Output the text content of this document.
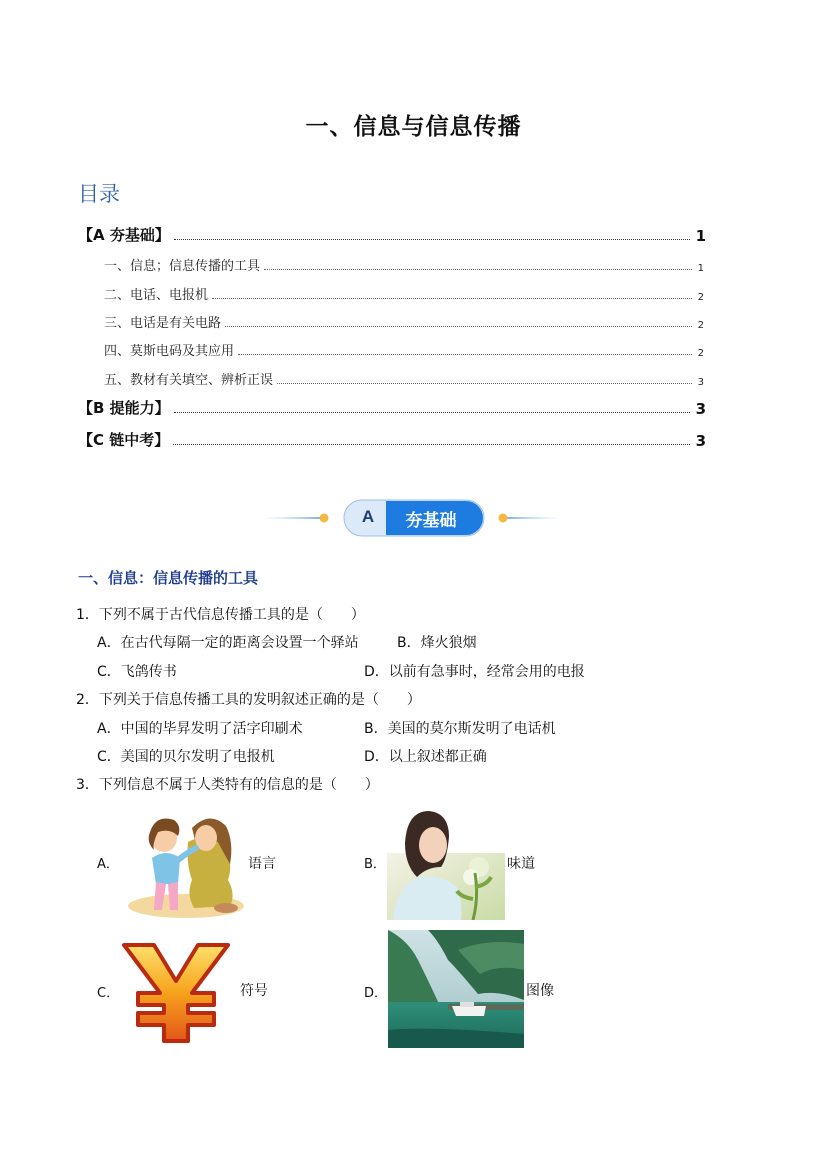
一、信息与信息传播
目录
【A 夯基础】	1
一、信息；信息传播的工具	1
二、电话、电报机	2
三、电话是有关电路	2
四、莫斯电码及其应用	2
五、教材有关填空、辨析正误	3
【B 提能力】	3
【C 链中考】	3
A	夯基础
一、信息：信息传播的工具
1．下列不属于古代信息传播工具的是（　　）
A．在古代每隔一定的距离会设置一个驿站	B．烽火狼烟
C．飞鸽传书	D．以前有急事时，经常会用的电报
2．下列关于信息传播工具的发明叙述正确的是（　　）
A．中国的毕昇发明了活字印刷术	B．美国的莫尔斯发明了电话机
C．美国的贝尔发明了电报机	D．以上叙述都正确
3．下列信息不属于人类特有的信息的是（　　）
A．	语言	B．	味道
C．	符号	D．	图像
